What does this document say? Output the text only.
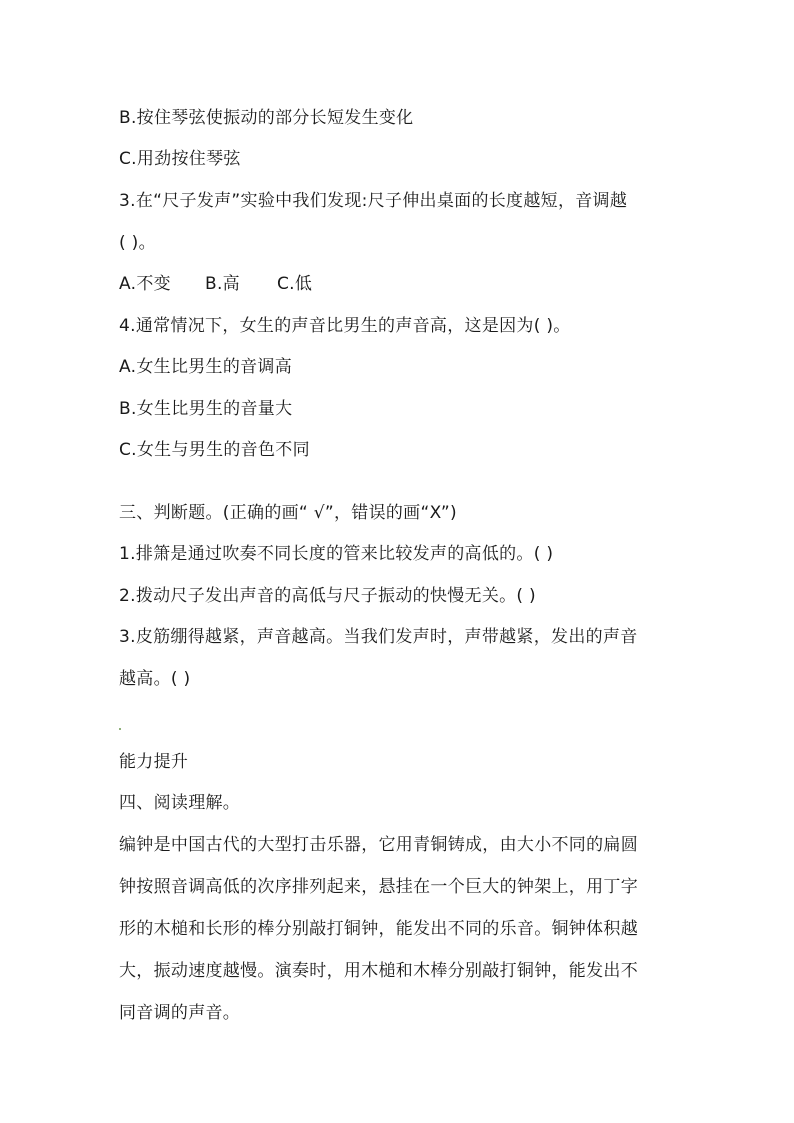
B.按住琴弦使振动的部分长短发生变化
C.用劲按住琴弦
3.在“尺子发声”实验中我们发现:尺子伸出桌面的长度越短，音调越
( )。
A.不变 B.高 C.低
4.通常情况下，女生的声音比男生的声音高，这是因为( )。
A.女生比男生的音调高
B.女生比男生的音量大
C.女生与男生的音色不同
三、判断题。(正确的画“ √”，错误的画“X”)
1.排箫是通过吹奏不同长度的管来比较发声的高低的。( )
2.拨动尺子发出声音的高低与尺子振动的快慢无关。( )
3.皮筋绷得越紧，声音越高。当我们发声时，声带越紧，发出的声音
越高。( )
能力提升
四、阅读理解。
编钟是中国古代的大型打击乐器，它用青铜铸成，由大小不同的扁圆
钟按照音调高低的次序排列起来，悬挂在一个巨大的钟架上，用丁字
形的木槌和长形的棒分别敲打铜钟，能发出不同的乐音。铜钟体积越
大，振动速度越慢。演奏时，用木槌和木棒分别敲打铜钟，能发出不
同音调的声音。
